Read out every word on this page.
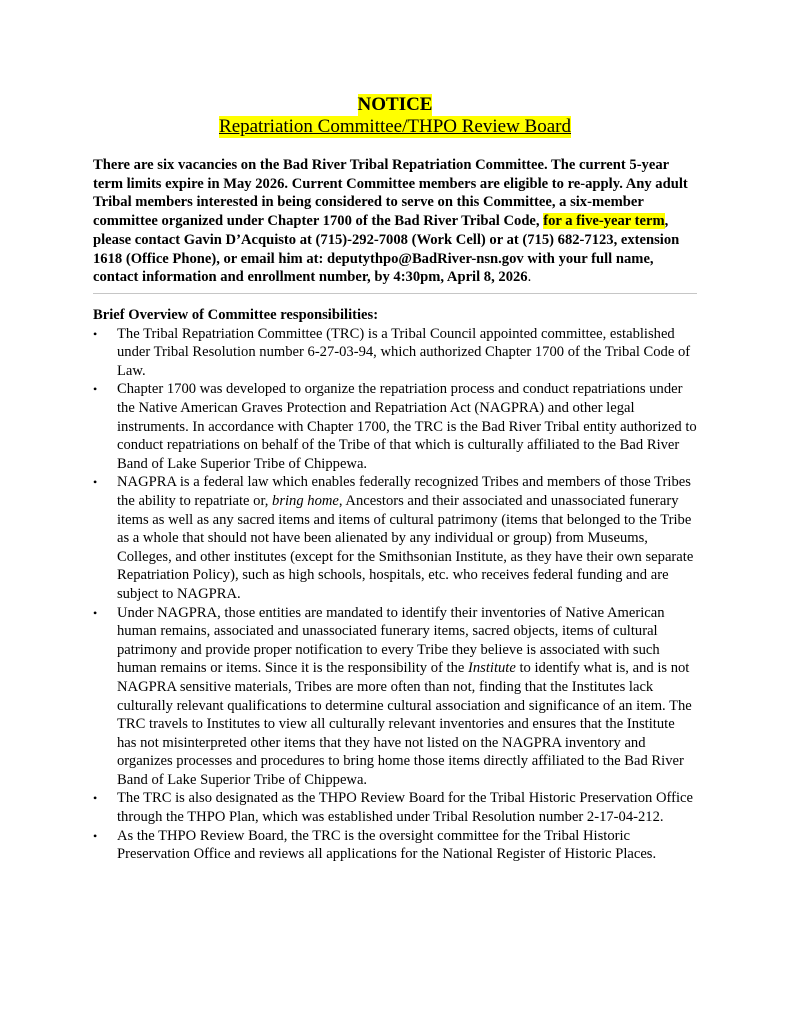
NOTICE
Repatriation Committee/THPO Review Board

There are six vacancies on the Bad River Tribal Repatriation Committee. The current 5-year term limits expire in May 2026. Current Committee members are eligible to re-apply. Any adult Tribal members interested in being considered to serve on this Committee, a six-member committee organized under Chapter 1700 of the Bad River Tribal Code, for a five-year term, please contact Gavin D’Acquisto at (715)-292-7008 (Work Cell) or at (715) 682-7123, extension 1618 (Office Phone), or email him at: deputythpo@BadRiver-nsn.gov with your full name, contact information and enrollment number, by 4:30pm, April 8, 2026.

Brief Overview of Committee responsibilities:
•	The Tribal Repatriation Committee (TRC) is a Tribal Council appointed committee, established under Tribal Resolution number 6-27-03-94, which authorized Chapter 1700 of the Tribal Code of Law.
•	Chapter 1700 was developed to organize the repatriation process and conduct repatriations under the Native American Graves Protection and Repatriation Act (NAGPRA) and other legal instruments. In accordance with Chapter 1700, the TRC is the Bad River Tribal entity authorized to conduct repatriations on behalf of the Tribe of that which is culturally affiliated to the Bad River Band of Lake Superior Tribe of Chippewa.
•	NAGPRA is a federal law which enables federally recognized Tribes and members of those Tribes the ability to repatriate or, bring home, Ancestors and their associated and unassociated funerary items as well as any sacred items and items of cultural patrimony (items that belonged to the Tribe as a whole that should not have been alienated by any individual or group) from Museums, Colleges, and other institutes (except for the Smithsonian Institute, as they have their own separate Repatriation Policy), such as high schools, hospitals, etc. who receives federal funding and are subject to NAGPRA.
•	Under NAGPRA, those entities are mandated to identify their inventories of Native American human remains, associated and unassociated funerary items, sacred objects, items of cultural patrimony and provide proper notification to every Tribe they believe is associated with such human remains or items. Since it is the responsibility of the Institute to identify what is, and is not NAGPRA sensitive materials, Tribes are more often than not, finding that the Institutes lack culturally relevant qualifications to determine cultural association and significance of an item. The TRC travels to Institutes to view all culturally relevant inventories and ensures that the Institute has not misinterpreted other items that they have not listed on the NAGPRA inventory and organizes processes and procedures to bring home those items directly affiliated to the Bad River Band of Lake Superior Tribe of Chippewa.
•	The TRC is also designated as the THPO Review Board for the Tribal Historic Preservation Office through the THPO Plan, which was established under Tribal Resolution number 2-17-04-212.
•	As the THPO Review Board, the TRC is the oversight committee for the Tribal Historic Preservation Office and reviews all applications for the National Register of Historic Places.
